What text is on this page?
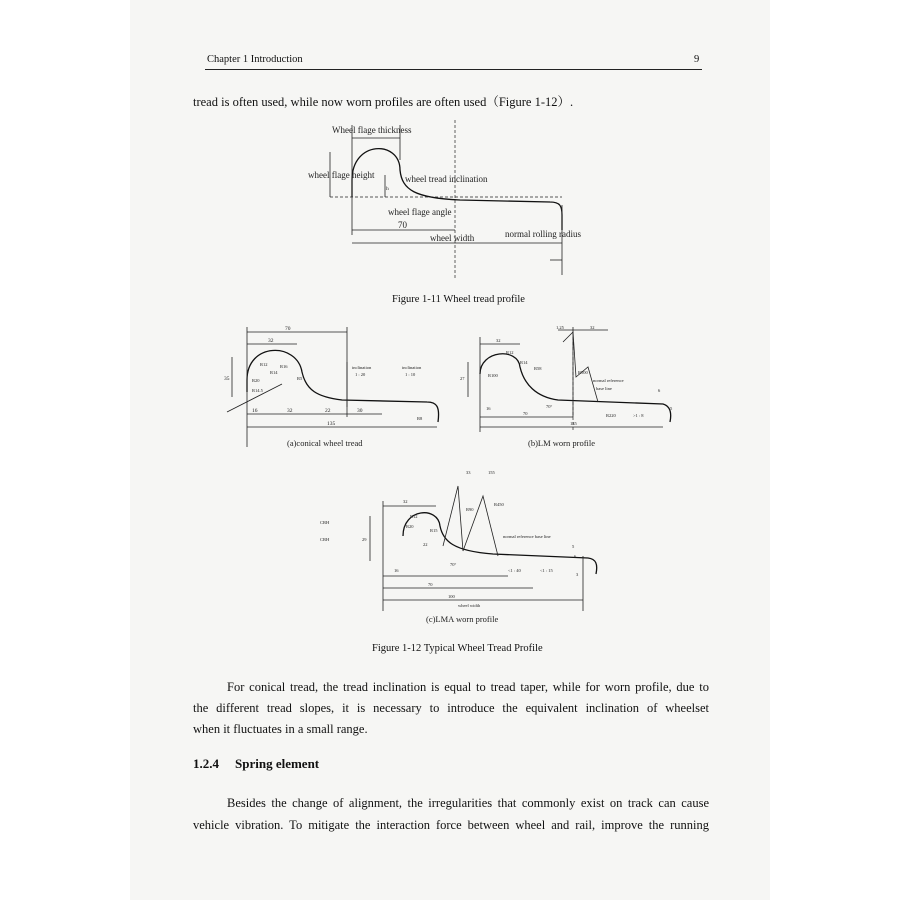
Chapter 1 Introduction	9
tread is often used, while now worn profiles are often used（Figure 1-12）.
Wheel flage thickness
wheel flage height	wheel tread inclination
wheel flage angle
70
wheel width	normal rolling radius
h
Figure 1-11 Wheel tread profile
70
32
35
16	32	22	30
135
inclination
1 : 20
inclination
1 : 10
R12
R14
R20
R16
R5
R14.5
R8
(a)conical wheel tread
1.25	32
32
R12
R14
R58
R100
R500
27
16
70
70°
135
R220
normal reference
base line	6
5
>1 : 8
(b)LM worn profile
CRH
CRH
33	155
32
R12
R20
R15
R90
R450
29
22
16
70°
70
100
wheel width
normal reference base line
<1 : 40	<1 : 15
5
6
3
(c)LMA worn profile
Figure 1-12 Typical Wheel Tread Profile
For conical tread, the tread inclination is equal to tread taper, while for worn profile, due to
the different tread slopes, it is necessary to introduce the equivalent inclination of wheelset
when it fluctuates in a small range.
1.2.4 Spring element
Besides the change of alignment, the irregularities that commonly exist on track can cause
vehicle vibration. To mitigate the interaction force between wheel and rail, improve the running
